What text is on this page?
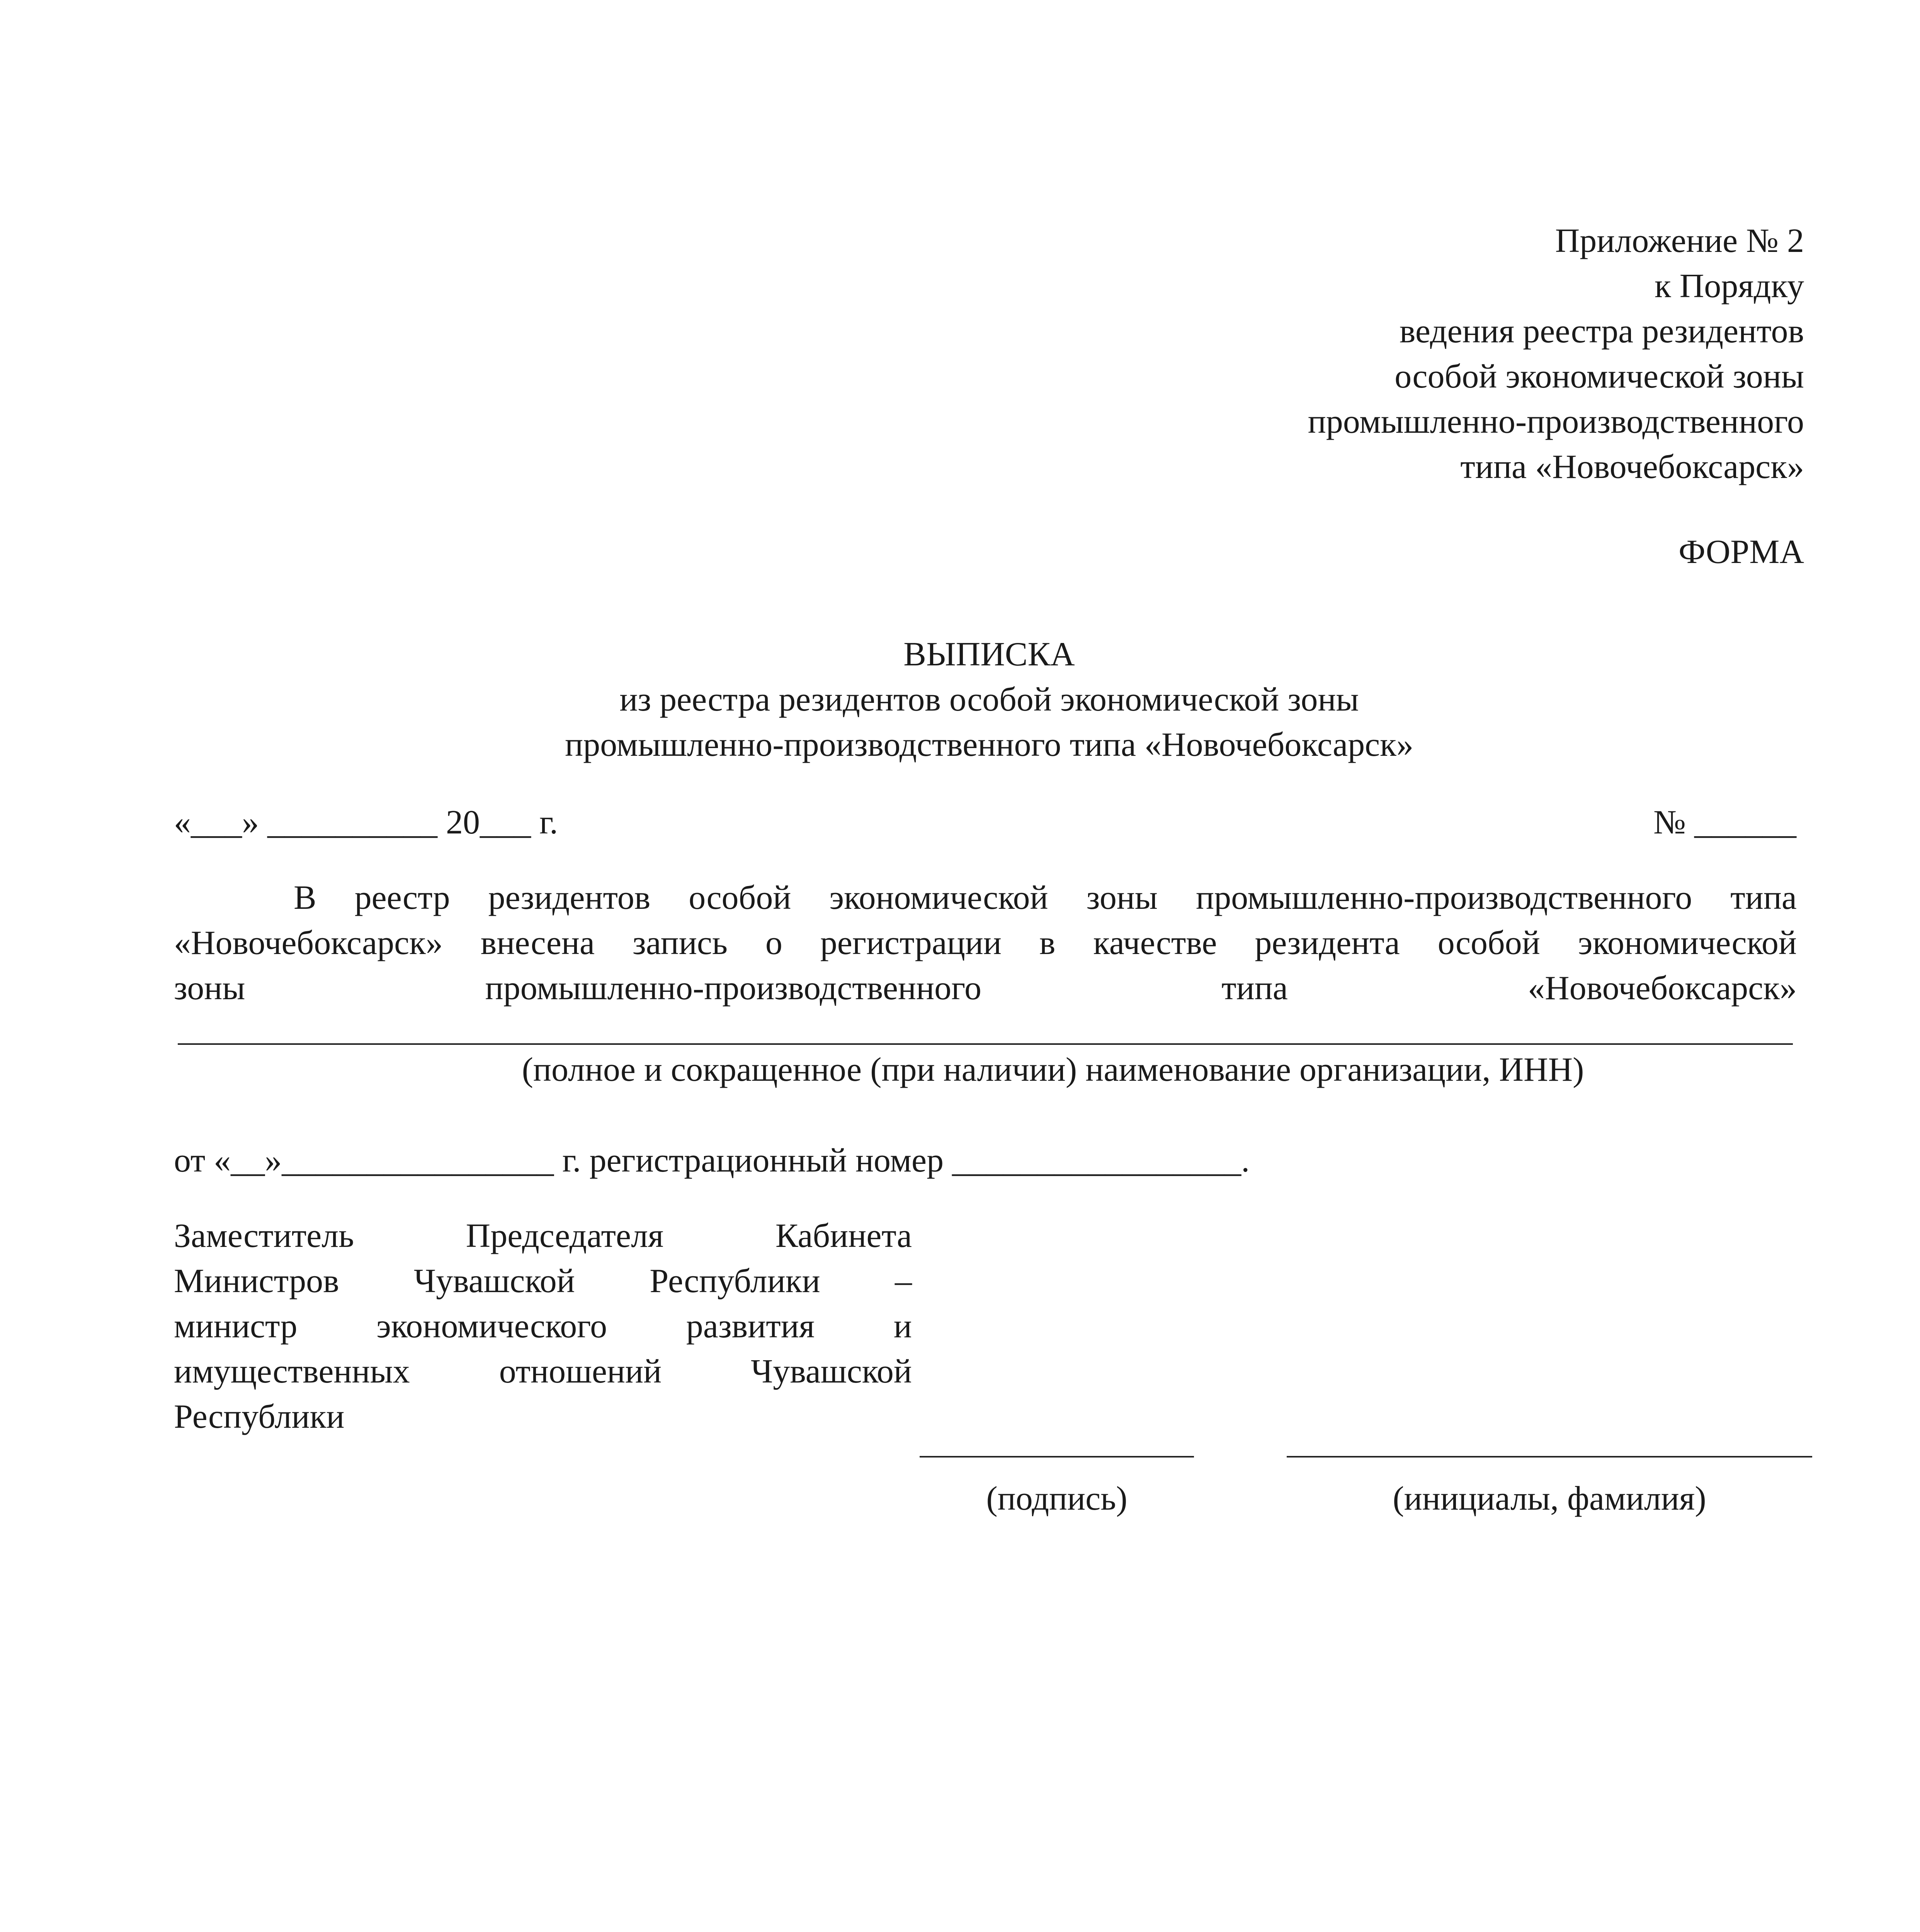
Приложение № 2
к Порядку
ведения реестра резидентов
особой экономической зоны
промышленно-производственного
типа «Новочебоксарск»
ФОРМА
ВЫПИСКА
из реестра резидентов особой экономической зоны
промышленно-производственного типа «Новочебоксарск»
«___» __________ 20___ г.	№ ______
В реестр резидентов особой экономической зоны промышленно-производственного типа
«Новочебоксарск» внесена запись о регистрации в качестве резидента особой экономической
зоны промышленно-производственного типа «Новочебоксарск»
(полное и сокращенное (при наличии) наименование организации, ИНН)
от «__»________________ г. регистрационный номер _________________.
Заместитель Председателя Кабинета
Министров Чувашской Республики –
министр экономического развития и
имущественных отношений Чувашской
Республики
(подпись)	(инициалы, фамилия)
